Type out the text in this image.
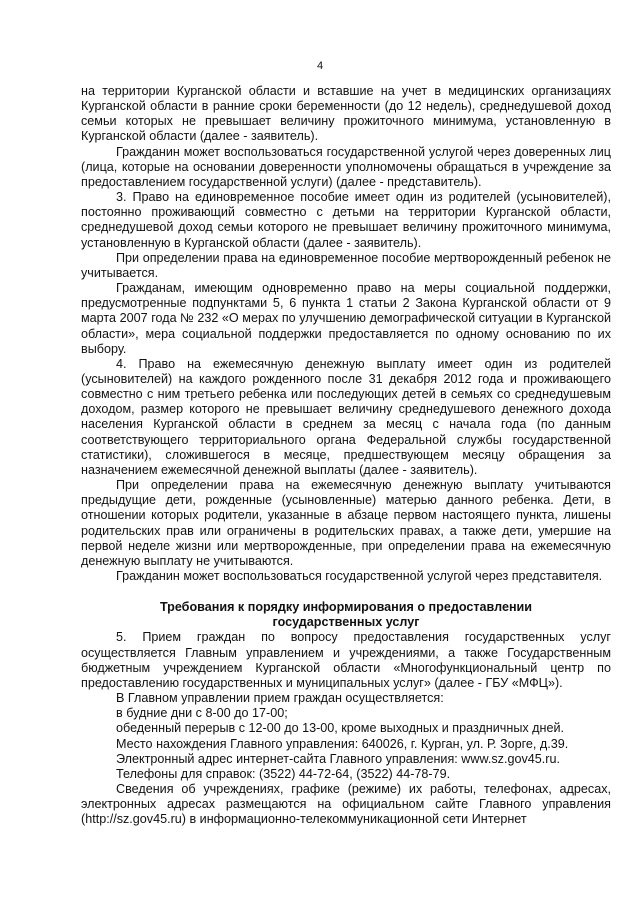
4

на территории Курганской области и вставшие на учет в медицинских организациях Курганской области в ранние сроки беременности (до 12 недель), среднедушевой доход семьи которых не превышает величину прожиточного минимума, установленную в Курганской области (далее - заявитель).

Гражданин может воспользоваться государственной услугой через доверенных лиц (лица, которые на основании доверенности уполномочены обращаться в учреждение за предоставлением государственной услуги) (далее - представитель).

3. Право на единовременное пособие имеет один из родителей (усыновителей), постоянно проживающий совместно с детьми на территории Курганской области, среднедушевой доход семьи которого не превышает величину прожиточного минимума, установленную в Курганской области (далее - заявитель).

При определении права на единовременное пособие мертворожденный ребенок не учитывается.

Гражданам, имеющим одновременно право на меры социальной поддержки, предусмотренные подпунктами 5, 6 пункта 1 статьи 2 Закона Курганской области от 9 марта 2007 года № 232 «О мерах по улучшению демографической ситуации в Курганской области», мера социальной поддержки предоставляется по одному основанию по их выбору.

4. Право на ежемесячную денежную выплату имеет один из родителей (усыновителей) на каждого рожденного после 31 декабря 2012 года и проживающего совместно с ним третьего ребенка или последующих детей в семьях со среднедушевым доходом, размер которого не превышает величину среднедушевого денежного дохода населения Курганской области в среднем за месяц с начала года (по данным соответствующего территориального органа Федеральной службы государственной статистики), сложившегося в месяце, предшествующем месяцу обращения за назначением ежемесячной денежной выплаты (далее - заявитель).

При определении права на ежемесячную денежную выплату учитываются предыдущие дети, рожденные (усыновленные) матерью данного ребенка. Дети, в отношении которых родители, указанные в абзаце первом настоящего пункта, лишены родительских прав или ограничены в родительских правах, а также дети, умершие на первой неделе жизни или мертворожденные, при определении права на ежемесячную денежную выплату не учитываются.

Гражданин может воспользоваться государственной услугой через представителя.

Требования к порядку информирования о предоставлении
государственных услуг

5. Прием граждан по вопросу предоставления государственных услуг осуществляется Главным управлением и учреждениями, а также Государственным бюджетным учреждением Курганской области «Многофункциональный центр по предоставлению государственных и муниципальных услуг» (далее - ГБУ «МФЦ»).

В Главном управлении прием граждан осуществляется:

в будние дни с 8-00 до 17-00;

обеденный перерыв с 12-00 до 13-00, кроме выходных и праздничных дней.

Место нахождения Главного управления: 640026, г. Курган, ул. Р. Зорге, д.39.

Электронный адрес интернет-сайта Главного управления: www.sz.gov45.ru.

Телефоны для справок: (3522) 44-72-64, (3522) 44-78-79.

Сведения об учреждениях, графике (режиме) их работы, телефонах, адресах, электронных адресах размещаются на официальном сайте Главного управления (http://sz.gov45.ru) в информационно-телекоммуникационной сети Интернет
